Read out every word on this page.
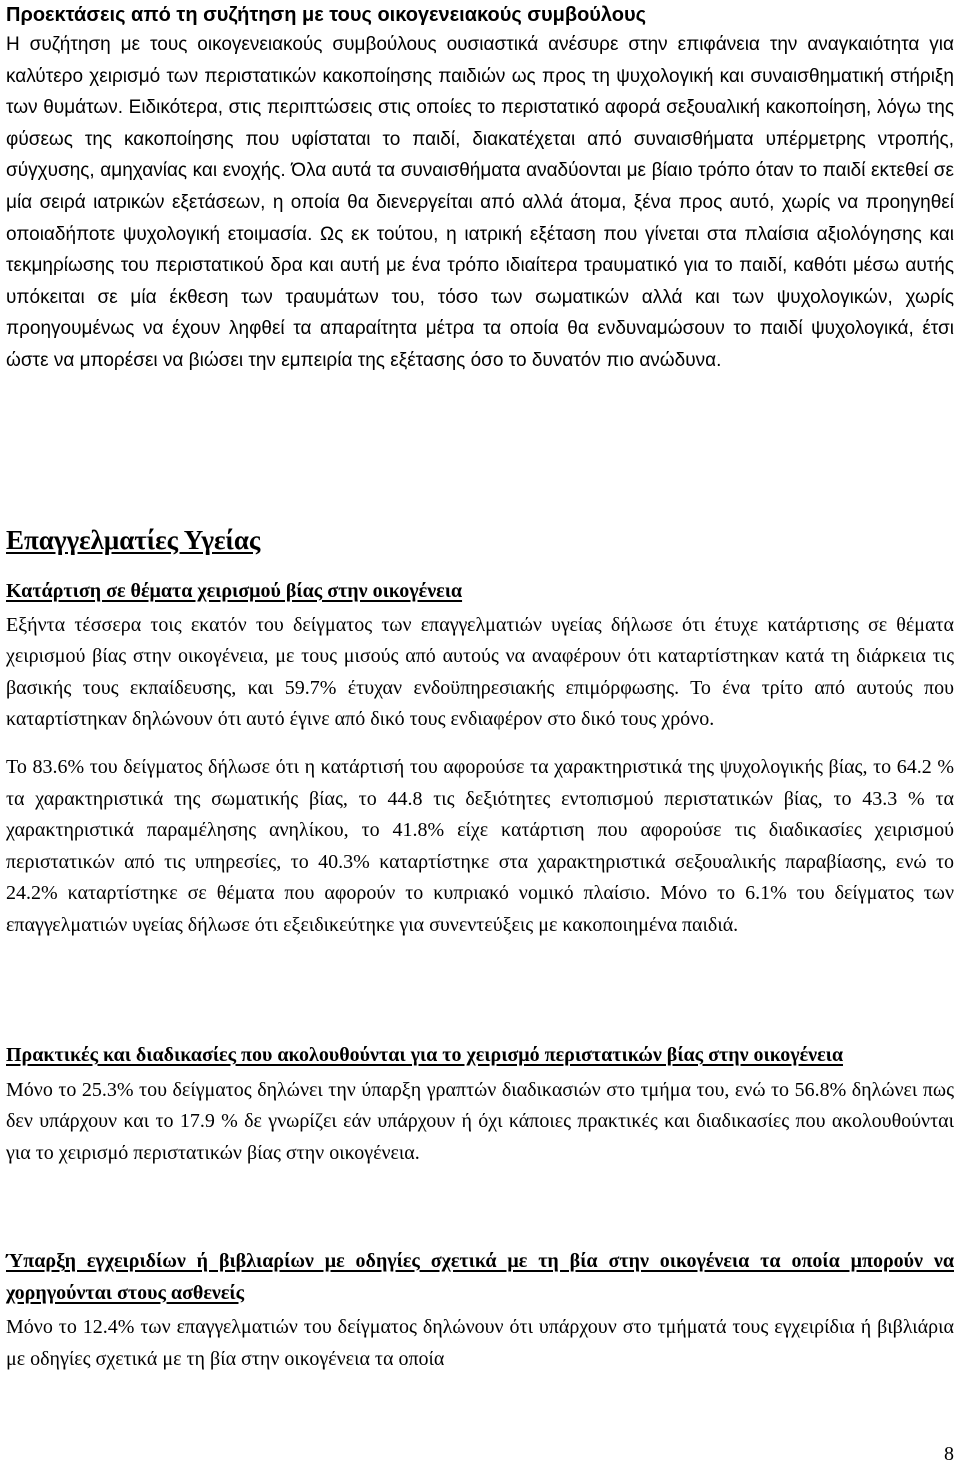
Προεκτάσεις από τη συζήτηση με τους οικογενειακούς συμβούλους

Η συζήτηση με τους οικογενειακούς συμβούλους ουσιαστικά ανέσυρε στην επιφάνεια την αναγκαιότητα για καλύτερο χειρισμό των περιστατικών κακοποίησης παιδιών ως προς τη ψυχολογική και συναισθηματική στήριξη των θυμάτων. Ειδικότερα, στις περιπτώσεις στις οποίες το περιστατικό αφορά σεξουαλική κακοποίηση, λόγω της φύσεως της κακοποίησης που υφίσταται το παιδί, διακατέχεται από συναισθήματα υπέρμετρης ντροπής, σύγχυσης, αμηχανίας και ενοχής. Όλα αυτά τα συναισθήματα αναδύονται με βίαιο τρόπο όταν το παιδί εκτεθεί σε μία σειρά ιατρικών εξετάσεων, η οποία θα διενεργείται από αλλά άτομα, ξένα προς αυτό, χωρίς να προηγηθεί οποιαδήποτε ψυχολογική ετοιμασία. Ως εκ τούτου, η ιατρική εξέταση που γίνεται στα πλαίσια αξιολόγησης και τεκμηρίωσης του περιστατικού δρα και αυτή με ένα τρόπο ιδιαίτερα τραυματικό για το παιδί, καθότι μέσω αυτής υπόκειται σε μία έκθεση των τραυμάτων του, τόσο των σωματικών αλλά και των ψυχολογικών, χωρίς προηγουμένως να έχουν ληφθεί τα απαραίτητα μέτρα τα οποία θα ενδυναμώσουν το παιδί ψυχολογικά, έτσι ώστε να μπορέσει να βιώσει την εμπειρία της εξέτασης όσο το δυνατόν πιο ανώδυνα.

Επαγγελματίες Υγείας
Κατάρτιση σε θέματα χειρισμού βίας στην οικογένεια

Εξήντα τέσσερα τοις εκατόν του δείγματος των επαγγελματιών υγείας δήλωσε ότι έτυχε κατάρτισης σε θέματα χειρισμού βίας στην οικογένεια, με τους μισούς από αυτούς να αναφέρουν ότι καταρτίστηκαν κατά τη διάρκεια τις βασικής τους εκπαίδευσης, και 59.7% έτυχαν ενδοϋπηρεσιακής επιμόρφωσης. Το ένα τρίτο από αυτούς που καταρτίστηκαν δηλώνουν ότι αυτό έγινε από δικό τους ενδιαφέρον στο δικό τους χρόνο.

Το 83.6% του δείγματος δήλωσε ότι η κατάρτισή του αφορούσε τα χαρακτηριστικά της ψυχολογικής βίας, το 64.2 % τα χαρακτηριστικά της σωματικής βίας, το 44.8 τις δεξιότητες εντοπισμού περιστατικών βίας, το 43.3 % τα χαρακτηριστικά παραμέλησης ανηλίκου, το 41.8% είχε κατάρτιση που αφορούσε τις διαδικασίες χειρισμού περιστατικών από τις υπηρεσίες, το 40.3% καταρτίστηκε στα χαρακτηριστικά σεξουαλικής παραβίασης, ενώ το 24.2% καταρτίστηκε σε θέματα που αφορούν το κυπριακό νομικό πλαίσιο. Μόνο το 6.1% του δείγματος των επαγγελματιών υγείας δήλωσε ότι εξειδικεύτηκε για συνεντεύξεις με κακοποιημένα παιδιά.

Πρακτικές και διαδικασίες που ακολουθούνται για το χειρισμό περιστατικών βίας στην οικογένεια

Μόνο το 25.3% του δείγματος δηλώνει την ύπαρξη γραπτών διαδικασιών στο τμήμα του, ενώ το 56.8% δηλώνει πως δεν υπάρχουν και το 17.9 % δε γνωρίζει εάν υπάρχουν ή όχι κάποιες πρακτικές και διαδικασίες που ακολουθούνται για το χειρισμό περιστατικών βίας στην οικογένεια.

Ύπαρξη εγχειριδίων ή βιβλιαρίων με οδηγίες σχετικά με τη βία στην οικογένεια τα οποία μπορούν να χορηγούνται στους ασθενείς

Μόνο το 12.4% των επαγγελματιών του δείγματος δηλώνουν ότι υπάρχουν στο τμήματά τους εγχειρίδια ή βιβλιάρια με οδηγίες σχετικά με τη βία στην οικογένεια τα οποία

8
